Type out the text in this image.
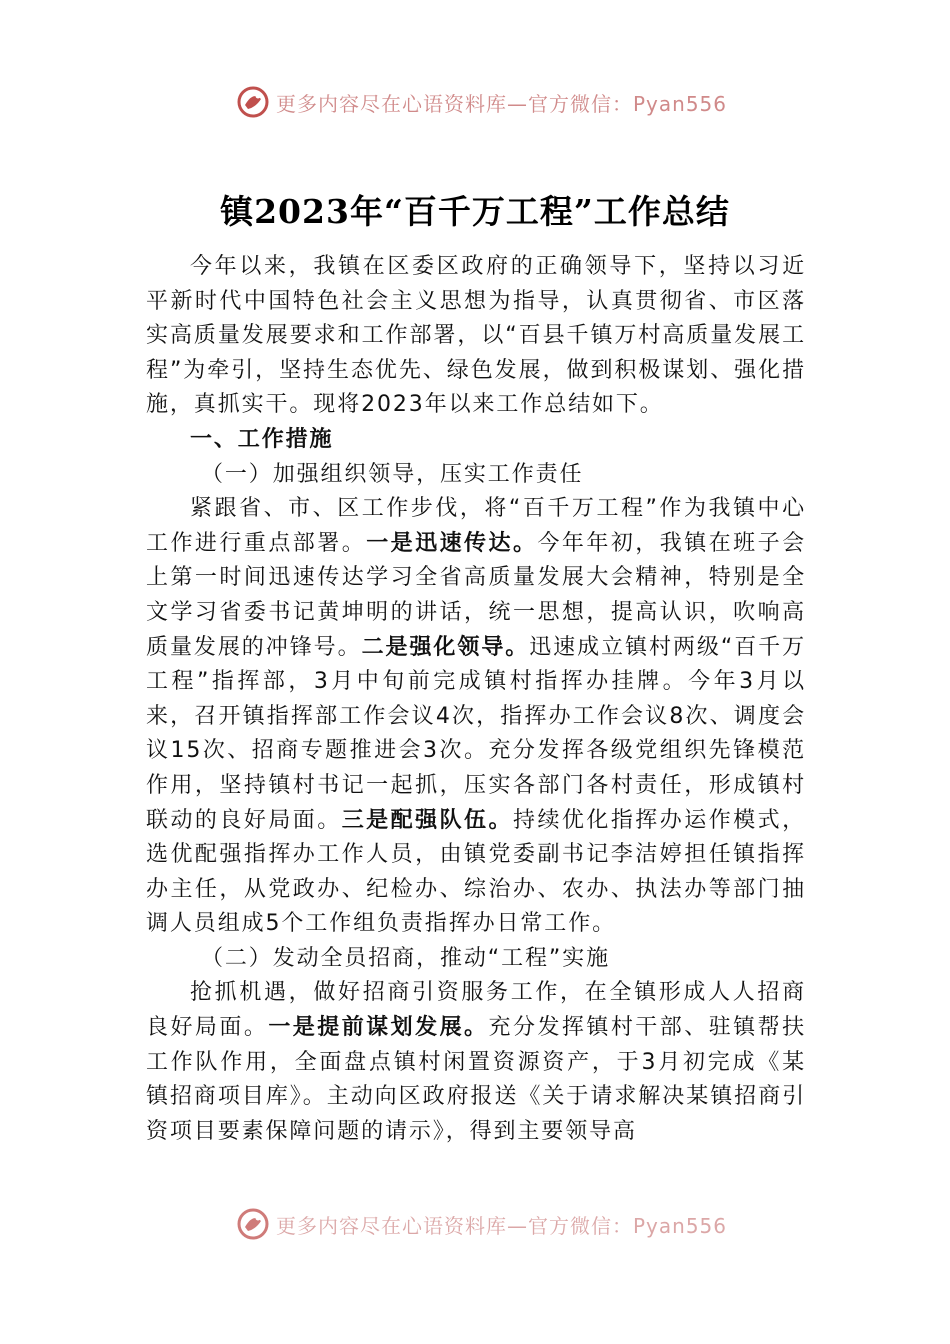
更多内容尽在心语资料库—官方微信：Pyan556
镇2023年“百千万工程”工作总结

今年以来，我镇在区委区政府的正确领导下，坚持以习近平新时代中国特色社会主义思想为指导，认真贯彻省、市区落实高质量发展要求和工作部署，以“百县千镇万村高质量发展工程”为牵引，坚持生态优先、绿色发展，做到积极谋划、强化措施，真抓实干。现将2023年以来工作总结如下。

一、工作措施

（一）加强组织领导，压实工作责任

紧跟省、市、区工作步伐，将“百千万工程”作为我镇中心工作进行重点部署。一是迅速传达。今年年初，我镇在班子会上第一时间迅速传达学习全省高质量发展大会精神，特别是全文学习省委书记黄坤明的讲话，统一思想，提高认识，吹响高质量发展的冲锋号。二是强化领导。迅速成立镇村两级“百千万工程”指挥部，3月中旬前完成镇村指挥办挂牌。今年3月以来，召开镇指挥部工作会议4次，指挥办工作会议8次、调度会议15次、招商专题推进会3次。充分发挥各级党组织先锋模范作用，坚持镇村书记一起抓，压实各部门各村责任，形成镇村联动的良好局面。三是配强队伍。持续优化指挥办运作模式，选优配强指挥办工作人员，由镇党委副书记李洁婷担任镇指挥办主任，从党政办、纪检办、综治办、农办、执法办等部门抽调人员组成5个工作组负责指挥办日常工作。

（二）发动全员招商，推动“工程”实施

抢抓机遇，做好招商引资服务工作，在全镇形成人人招商良好局面。一是提前谋划发展。充分发挥镇村干部、驻镇帮扶工作队作用，全面盘点镇村闲置资源资产，于3月初完成《某镇招商项目库》。主动向区政府报送《关于请求解决某镇招商引资项目要素保障问题的请示》，得到主要领导高

更多内容尽在心语资料库—官方微信：Pyan556
